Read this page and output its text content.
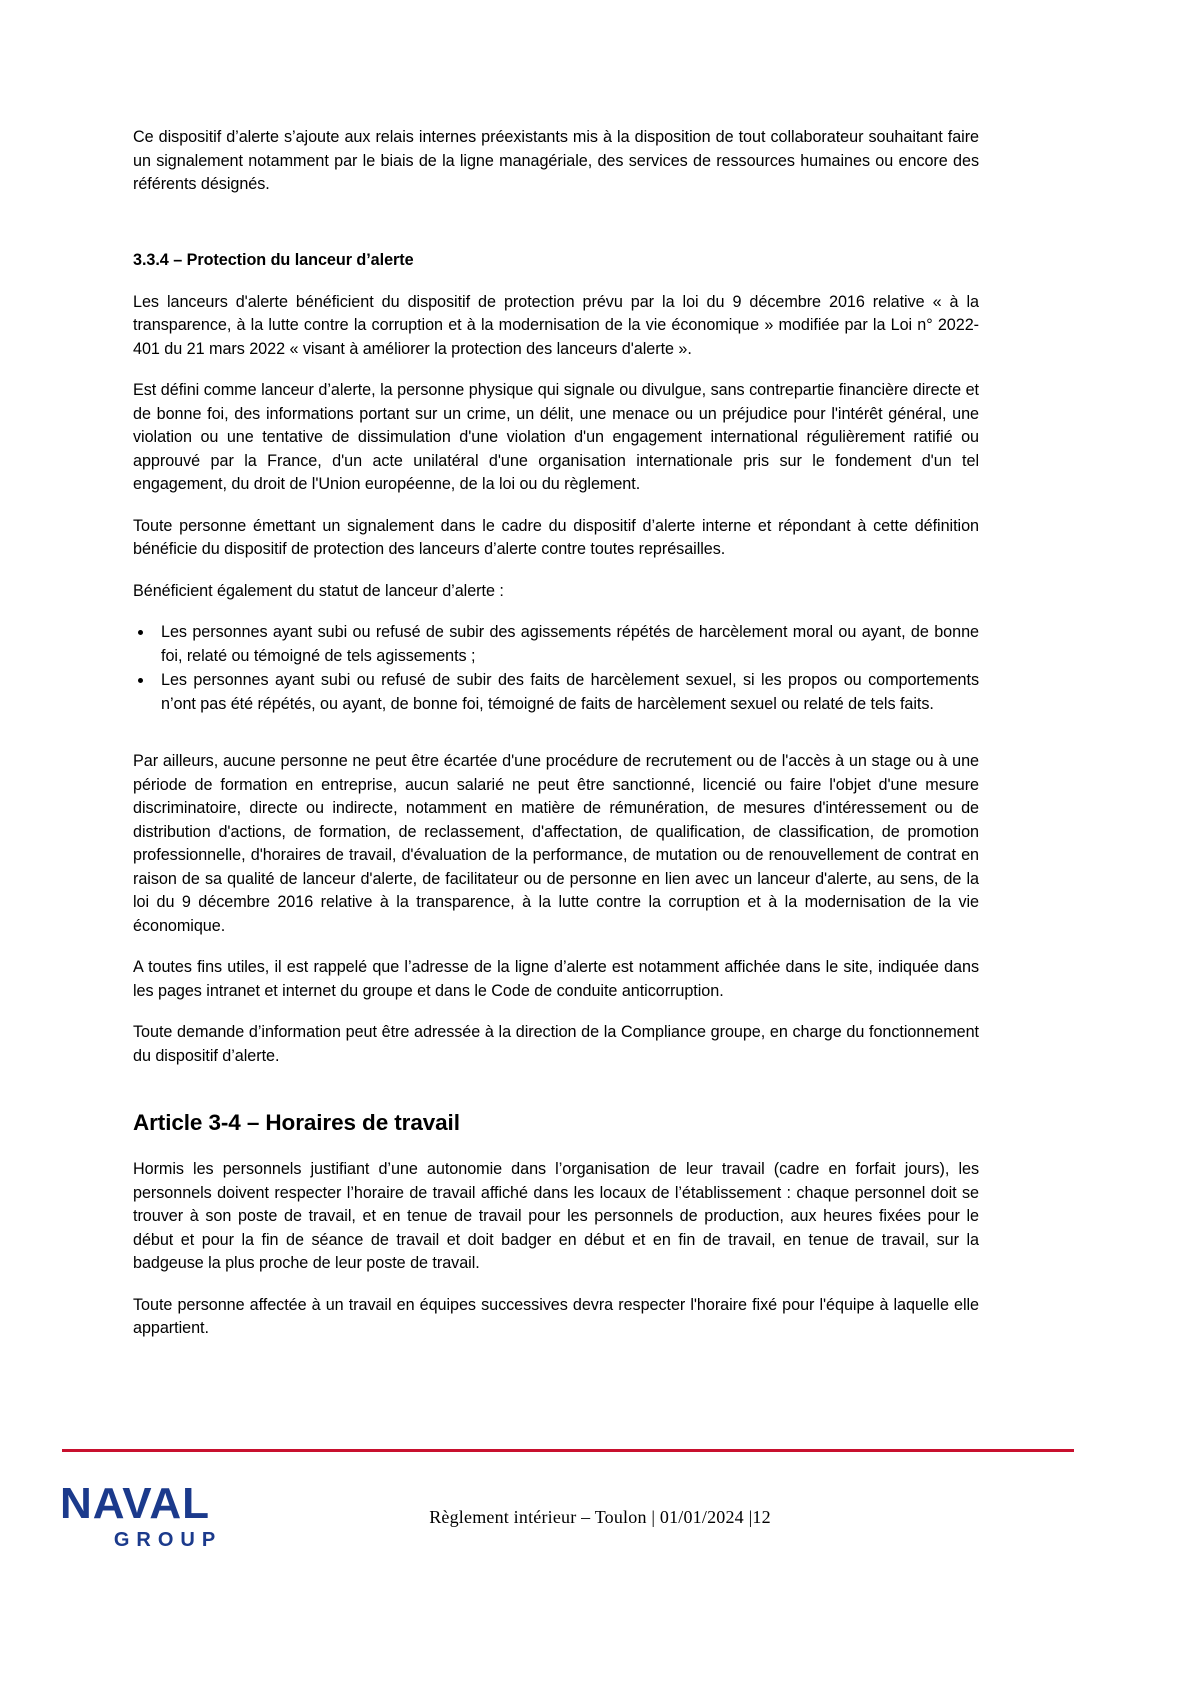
Ce dispositif d’alerte s’ajoute aux relais internes préexistants mis à la disposition de tout collaborateur souhaitant faire un signalement notamment par le biais de la ligne managériale, des services de ressources humaines ou encore des référents désignés.

3.3.4 – Protection du lanceur d’alerte

Les lanceurs d'alerte bénéficient du dispositif de protection prévu par la loi du 9 décembre 2016 relative « à la transparence, à la lutte contre la corruption et à la modernisation de la vie économique » modifiée par la Loi n° 2022-401 du 21 mars 2022 « visant à améliorer la protection des lanceurs d'alerte ».

Est défini comme lanceur d’alerte, la personne physique qui signale ou divulgue, sans contrepartie financière directe et de bonne foi, des informations portant sur un crime, un délit, une menace ou un préjudice pour l'intérêt général, une violation ou une tentative de dissimulation d'une violation d'un engagement international régulièrement ratifié ou approuvé par la France, d'un acte unilatéral d'une organisation internationale pris sur le fondement d'un tel engagement, du droit de l'Union européenne, de la loi ou du règlement.

Toute personne émettant un signalement dans le cadre du dispositif d’alerte interne et répondant à cette définition bénéficie du dispositif de protection des lanceurs d’alerte contre toutes représailles.

Bénéficient également du statut de lanceur d’alerte :

Les personnes ayant subi ou refusé de subir des agissements répétés de harcèlement moral ou ayant, de bonne foi, relaté ou témoigné de tels agissements ;
Les personnes ayant subi ou refusé de subir des faits de harcèlement sexuel, si les propos ou comportements n’ont pas été répétés, ou ayant, de bonne foi, témoigné de faits de harcèlement sexuel ou relaté de tels faits.

Par ailleurs, aucune personne ne peut être écartée d'une procédure de recrutement ou de l'accès à un stage ou à une période de formation en entreprise, aucun salarié ne peut être sanctionné, licencié ou faire l'objet d'une mesure discriminatoire, directe ou indirecte, notamment en matière de rémunération, de mesures d'intéressement ou de distribution d'actions, de formation, de reclassement, d'affectation, de qualification, de classification, de promotion professionnelle, d'horaires de travail, d'évaluation de la performance, de mutation ou de renouvellement de contrat en raison de sa qualité de lanceur d'alerte, de facilitateur ou de personne en lien avec un lanceur d'alerte, au sens, de la loi du 9 décembre 2016 relative à la transparence, à la lutte contre la corruption et à la modernisation de la vie économique.

A toutes fins utiles, il est rappelé que l’adresse de la ligne d’alerte est notamment affichée dans le site, indiquée dans les pages intranet et internet du groupe et dans le Code de conduite anticorruption.

Toute demande d’information peut être adressée à la direction de la Compliance groupe, en charge du fonctionnement du dispositif d’alerte.

Article 3-4 – Horaires de travail

Hormis les personnels justifiant d’une autonomie dans l’organisation de leur travail (cadre en forfait jours), les personnels doivent respecter l’horaire de travail affiché dans les locaux de l’établissement : chaque personnel doit se trouver à son poste de travail, et en tenue de travail pour les personnels de production, aux heures fixées pour le début et pour la fin de séance de travail et doit badger en début et en fin de travail, en tenue de travail, sur la badgeuse la plus proche de leur poste de travail.

Toute personne affectée à un travail en équipes successives devra respecter l'horaire fixé pour l'équipe à laquelle elle appartient.

NAVAL
GROUP
Règlement intérieur – Toulon | 01/01/2024 |12
